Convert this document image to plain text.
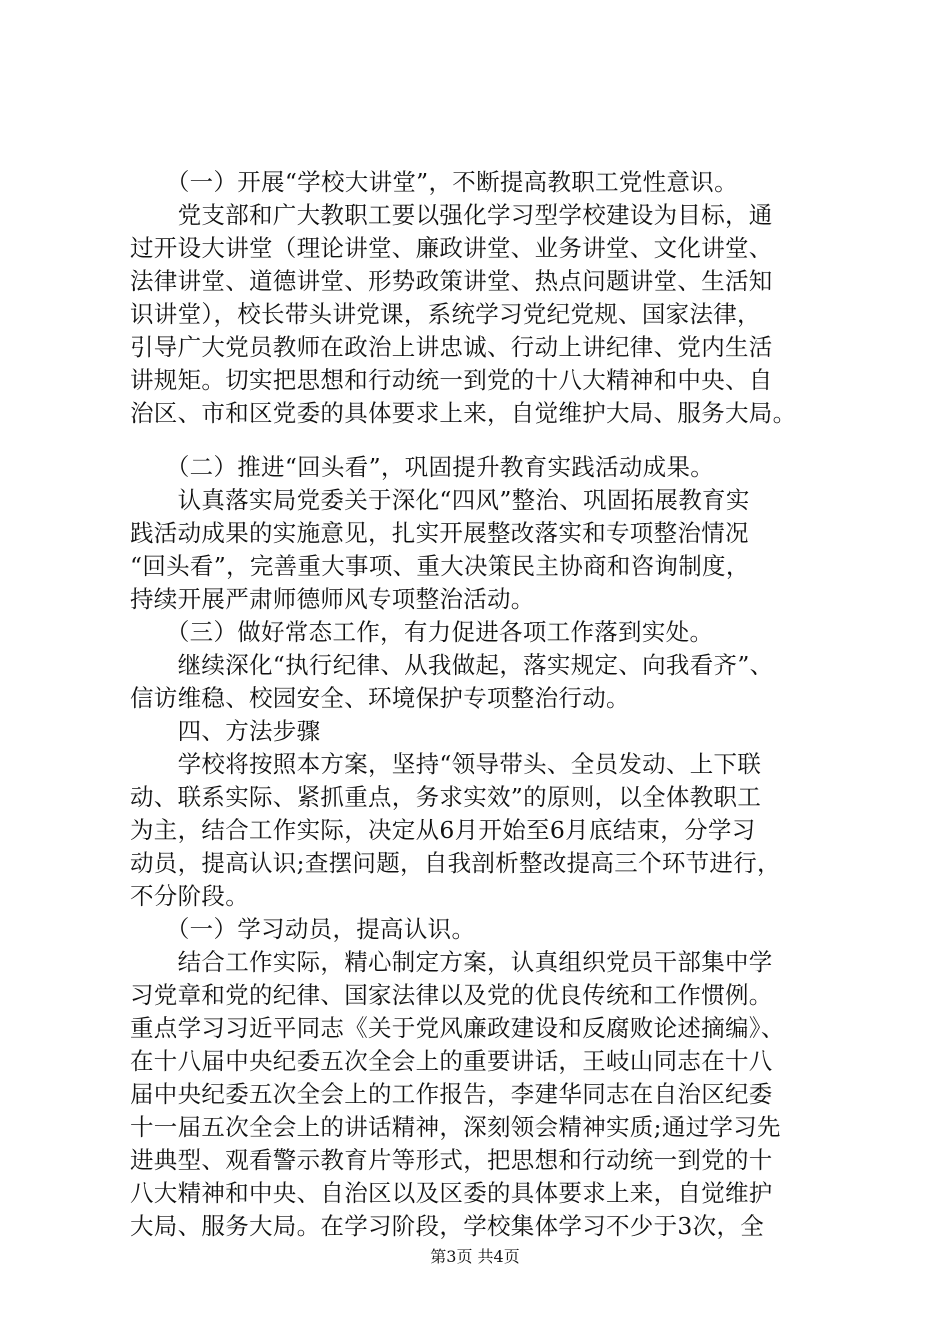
　　（一）开展“学校大讲堂”，不断提高教职工党性意识。
　　党支部和广大教职工要以强化学习型学校建设为目标，通
过开设大讲堂（理论讲堂、廉政讲堂、业务讲堂、文化讲堂、
法律讲堂、道德讲堂、形势政策讲堂、热点问题讲堂、生活知
识讲堂），校长带头讲党课，系统学习党纪党规、国家法律，
引导广大党员教师在政治上讲忠诚、行动上讲纪律、党内生活
讲规矩。切实把思想和行动统一到党的十八大精神和中央、自
治区、市和区党委的具体要求上来，自觉维护大局、服务大局。
　　（二）推进“回头看”，巩固提升教育实践活动成果。
　　认真落实局党委关于深化“四风”整治、巩固拓展教育实
践活动成果的实施意见，扎实开展整改落实和专项整治情况
“回头看”，完善重大事项、重大决策民主协商和咨询制度，
持续开展严肃师德师风专项整治活动。
　　（三）做好常态工作，有力促进各项工作落到实处。
　　继续深化“执行纪律、从我做起，落实规定、向我看齐”、
信访维稳、校园安全、环境保护专项整治行动。
　　四、方法步骤
　　学校将按照本方案，坚持“领导带头、全员发动、上下联
动、联系实际、紧抓重点，务求实效”的原则，以全体教职工
为主，结合工作实际，决定从6月开始至6月底结束，分学习
动员，提高认识;查摆问题，自我剖析整改提高三个环节进行，
不分阶段。
　　（一）学习动员，提高认识。
　　结合工作实际，精心制定方案，认真组织党员干部集中学
习党章和党的纪律、国家法律以及党的优良传统和工作惯例。
重点学习习近平同志《关于党风廉政建设和反腐败论述摘编》、
在十八届中央纪委五次全会上的重要讲话，王岐山同志在十八
届中央纪委五次全会上的工作报告，李建华同志在自治区纪委
十一届五次全会上的讲话精神，深刻领会精神实质;通过学习先
进典型、观看警示教育片等形式，把思想和行动统一到党的十
八大精神和中央、自治区以及区委的具体要求上来，自觉维护
大局、服务大局。在学习阶段，学校集体学习不少于3次，全
第3页 共4页
